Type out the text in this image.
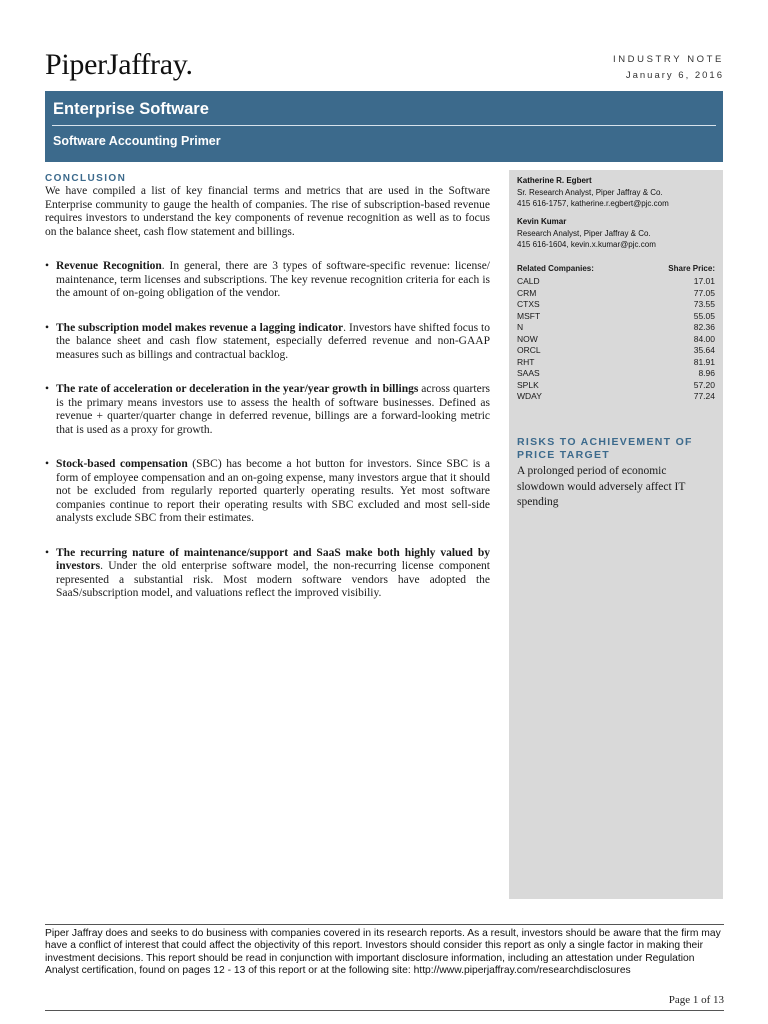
PiperJaffray.	INDUSTRY NOTE
January 6, 2016
Enterprise Software
Software Accounting Primer
CONCLUSION

We have compiled a list of key financial terms and metrics that are used in the Software Enterprise community to gauge the health of companies. The rise of subscription-based revenue requires investors to understand the key components of revenue recognition as well as to focus on the balance sheet, cash flow statement and billings.

• Revenue Recognition. In general, there are 3 types of software-specific revenue: license/ maintenance, term licenses and subscriptions. The key revenue recognition criteria for each is the amount of on-going obligation of the vendor.

• The subscription model makes revenue a lagging indicator. Investors have shifted focus to the balance sheet and cash flow statement, especially deferred revenue and non-GAAP measures such as billings and contractual backlog.

• The rate of acceleration or deceleration in the year/year growth in billings across quarters is the primary means investors use to assess the health of software businesses. Defined as revenue + quarter/quarter change in deferred revenue, billings are a forward-looking metric that is used as a proxy for growth.

• Stock-based compensation (SBC) has become a hot button for investors. Since SBC is a form of employee compensation and an on-going expense, many investors argue that it should not be excluded from regularly reported quarterly operating results. Yet most software companies continue to report their operating results with SBC excluded and most sell-side analysts exclude SBC from their estimates.

• The recurring nature of maintenance/support and SaaS make both highly valued by investors. Under the old enterprise software model, the non-recurring license component represented a substantial risk. Most modern software vendors have adopted the SaaS/subscription model, and valuations reflect the improved visibiliy.

Katherine R. Egbert
Sr. Research Analyst, Piper Jaffray & Co.
415 616-1757, katherine.r.egbert@pjc.com
Kevin Kumar
Research Analyst, Piper Jaffray & Co.
415 616-1604, kevin.x.kumar@pjc.com
Related Companies:	Share Price:
CALD	17.01
CRM	77.05
CTXS	73.55
MSFT	55.05
N	82.36
NOW	84.00
ORCL	35.64
RHT	81.91
SAAS	8.96
SPLK	57.20
WDAY	77.24
RISKS TO ACHIEVEMENT OF PRICE TARGET
A prolonged period of economic slowdown would adversely affect IT spending
Piper Jaffray does and seeks to do business with companies covered in its research reports. As a result, investors should be aware that the firm may have a conflict of interest that could affect the objectivity of this report. Investors should consider this report as only a single factor in making their investment decisions. This report should be read in conjunction with important disclosure information, including an attestation under Regulation Analyst certification, found on pages 12 - 13 of this report or at the following site: http://www.piperjaffray.com/researchdisclosures
Page 1 of 13
